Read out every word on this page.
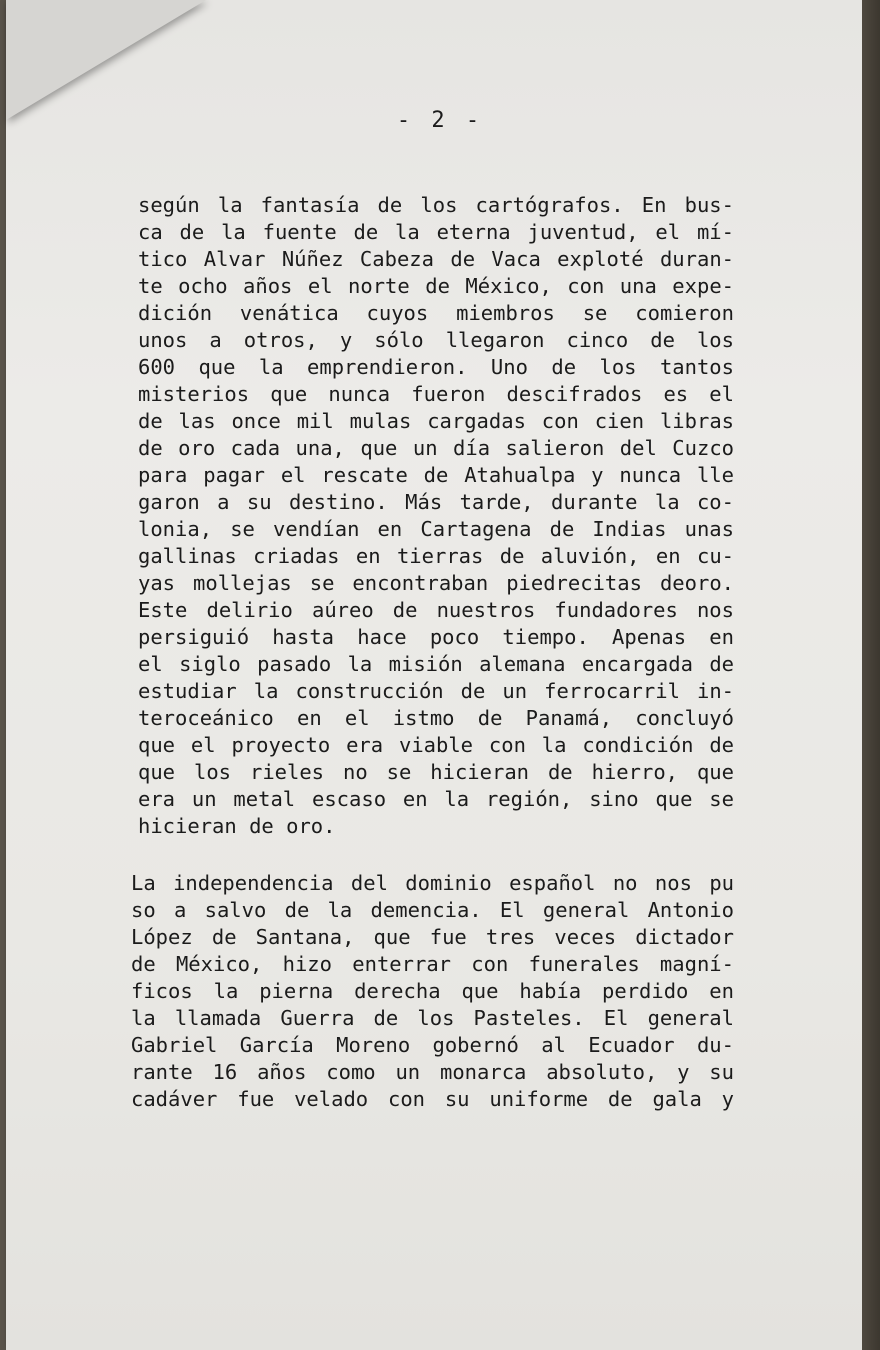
- 2 -
según la fantasía de los cartógrafos. En bus-
ca de la fuente de la eterna juventud, el mí-
tico Alvar Núñez Cabeza de Vaca exploté duran-
te ocho años el norte de México, con una expe-
dición venática cuyos miembros se comieron
unos a otros, y sólo llegaron cinco de los
600 que la emprendieron. Uno de los tantos
misterios que nunca fueron descifrados es el
de las once mil mulas cargadas con cien libras
de oro cada una, que un día salieron del Cuzco
para pagar el rescate de Atahualpa y nunca lle
garon a su destino. Más tarde, durante la co-
lonia, se vendían en Cartagena de Indias unas
gallinas criadas en tierras de aluvión, en cu-
yas mollejas se encontraban piedrecitas deoro.
Este delirio aúreo de nuestros fundadores nos
persiguió hasta hace poco tiempo. Apenas en
el siglo pasado la misión alemana encargada de
estudiar la construcción de un ferrocarril in-
teroceánico en el istmo de Panamá, concluyó
que el proyecto era viable con la condición de
que los rieles no se hicieran de hierro, que
era un metal escaso en la región, sino que se
hicieran de oro.
La independencia del dominio español no nos pu
so a salvo de la demencia. El general Antonio
López de Santana, que fue tres veces dictador
de México, hizo enterrar con funerales magní-
ficos la pierna derecha que había perdido en
la llamada Guerra de los Pasteles. El general
Gabriel García Moreno gobernó al Ecuador du-
rante 16 años como un monarca absoluto, y su
cadáver fue velado con su uniforme de gala y
